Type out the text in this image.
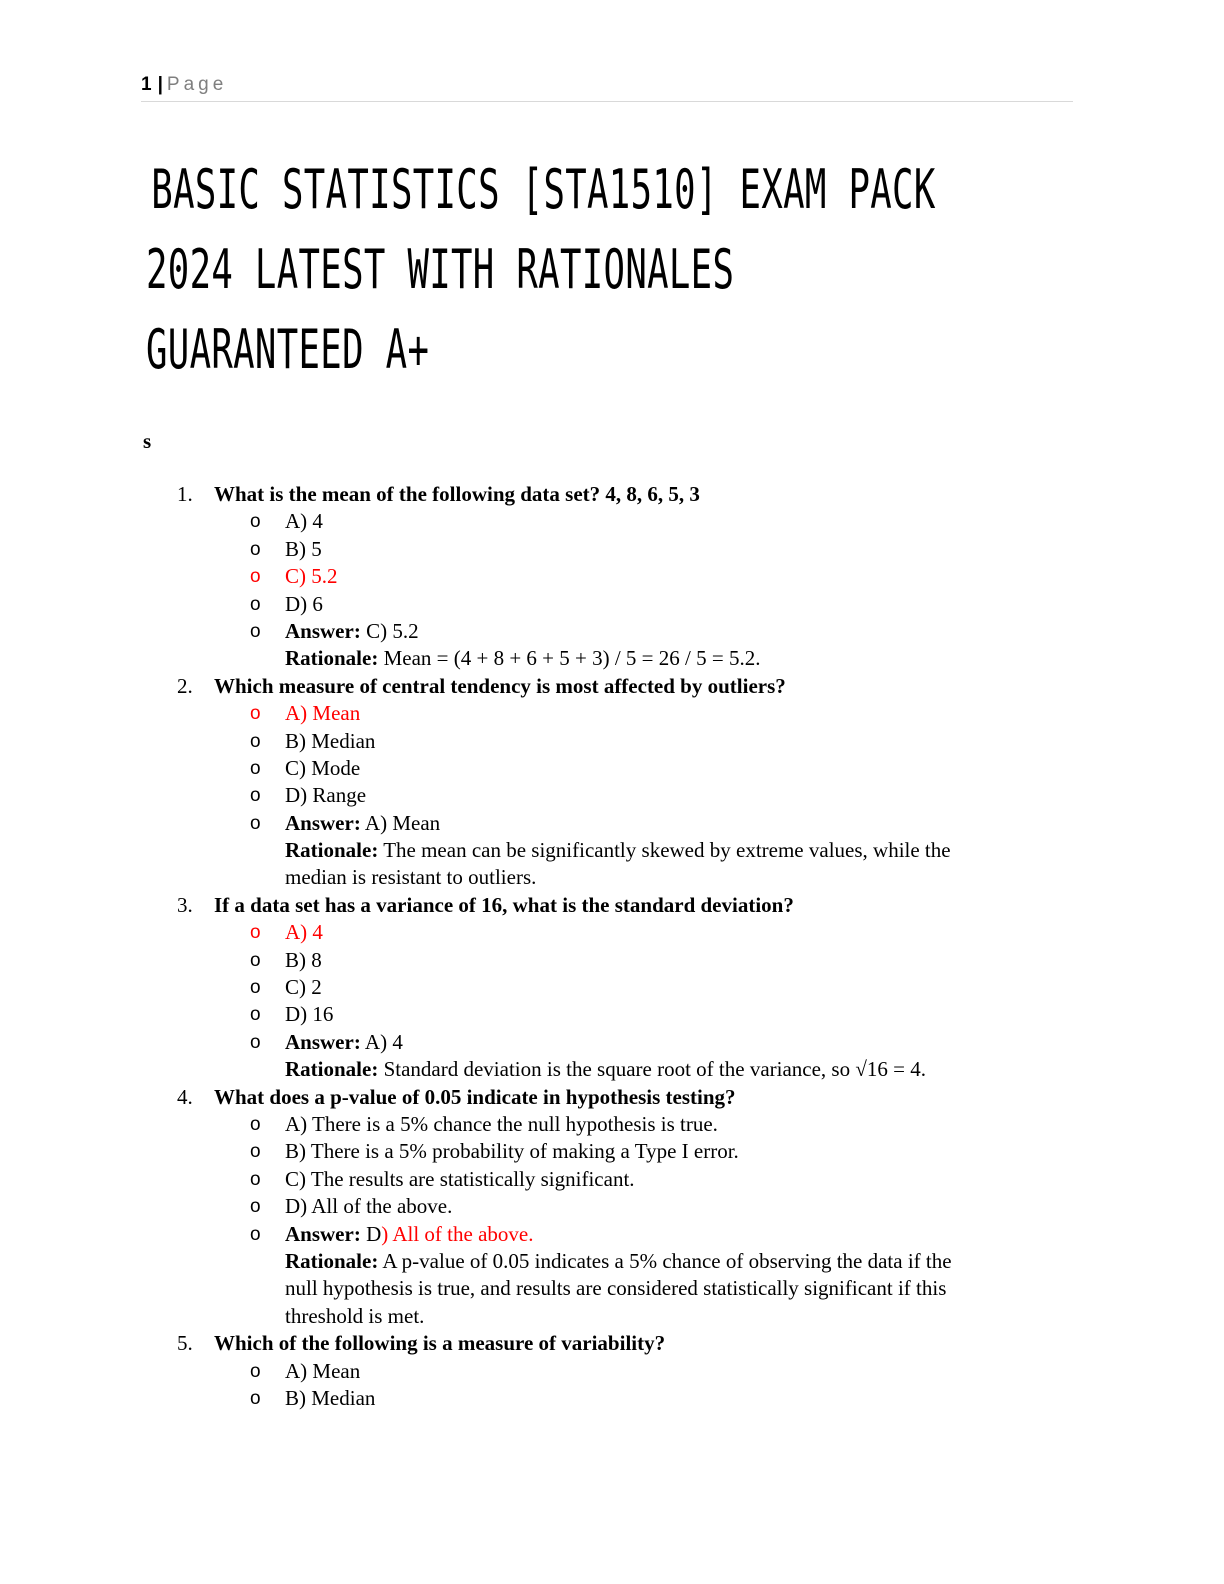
1 | Page
BASIC STATISTICS [STA1510] EXAM PACK
2024 LATEST WITH RATIONALES
GUARANTEED A+
s
1. What is the mean of the following data set? 4, 8, 6, 5, 3
o A) 4
o B) 5
o C) 5.2
o D) 6
o Answer: C) 5.2
Rationale: Mean = (4 + 8 + 6 + 5 + 3) / 5 = 26 / 5 = 5.2.
2. Which measure of central tendency is most affected by outliers?
o A) Mean
o B) Median
o C) Mode
o D) Range
o Answer: A) Mean
Rationale: The mean can be significantly skewed by extreme values, while the
median is resistant to outliers.
3. If a data set has a variance of 16, what is the standard deviation?
o A) 4
o B) 8
o C) 2
o D) 16
o Answer: A) 4
Rationale: Standard deviation is the square root of the variance, so √16 = 4.
4. What does a p-value of 0.05 indicate in hypothesis testing?
o A) There is a 5% chance the null hypothesis is true.
o B) There is a 5% probability of making a Type I error.
o C) The results are statistically significant.
o D) All of the above.
o Answer: D) All of the above.
Rationale: A p-value of 0.05 indicates a 5% chance of observing the data if the
null hypothesis is true, and results are considered statistically significant if this
threshold is met.
5. Which of the following is a measure of variability?
o A) Mean
o B) Median
